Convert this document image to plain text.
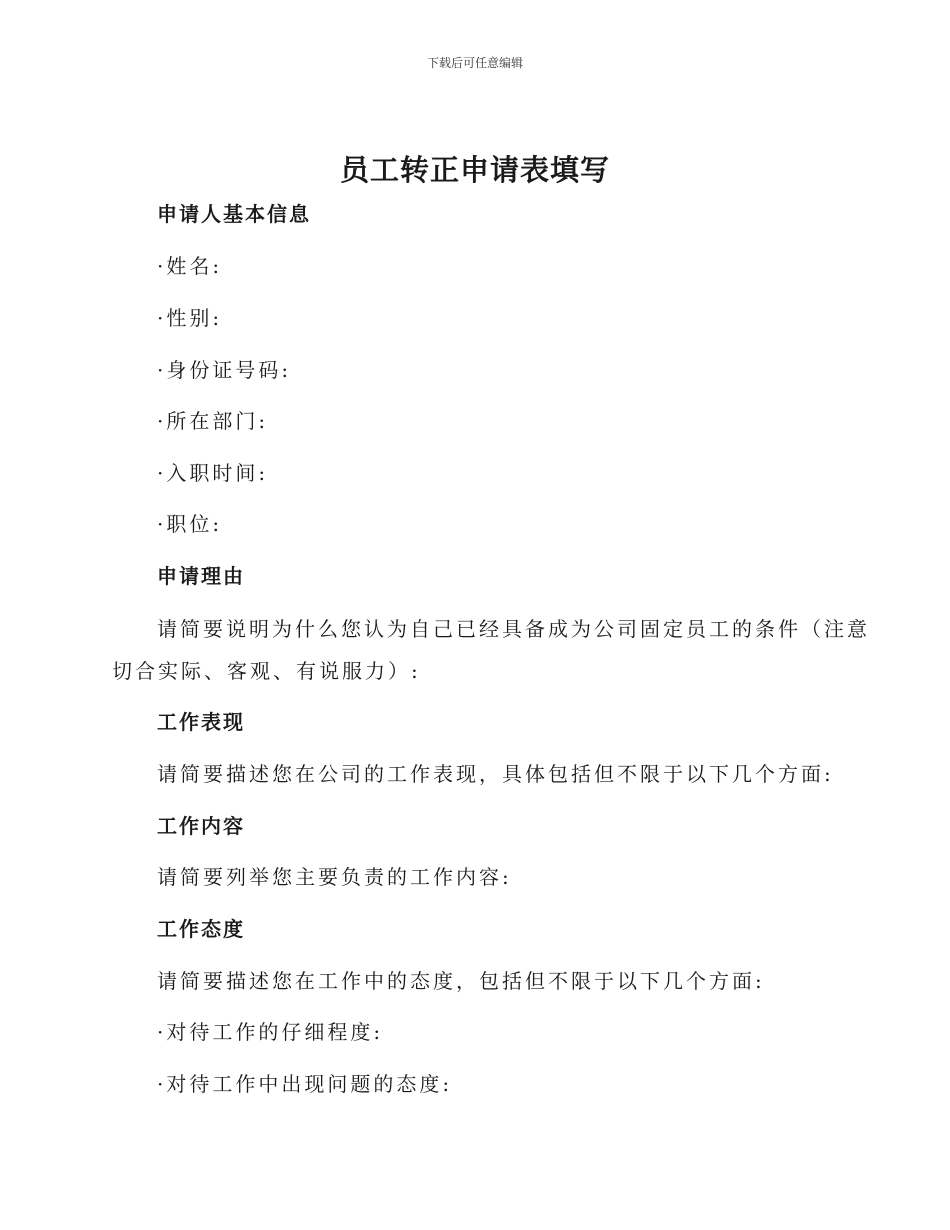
下载后可任意编辑
员工转正申请表填写
申请人基本信息
·姓名:
·性别:
·身份证号码:
·所在部门:
·入职时间:
·职位:
申请理由
请简要说明为什么您认为自己已经具备成为公司固定员工的条件（注意
切合实际、客观、有说服力）:
工作表现
请简要描述您在公司的工作表现，具体包括但不限于以下几个方面:
工作内容
请简要列举您主要负责的工作内容:
工作态度
请简要描述您在工作中的态度，包括但不限于以下几个方面:
·对待工作的仔细程度:
·对待工作中出现问题的态度:
